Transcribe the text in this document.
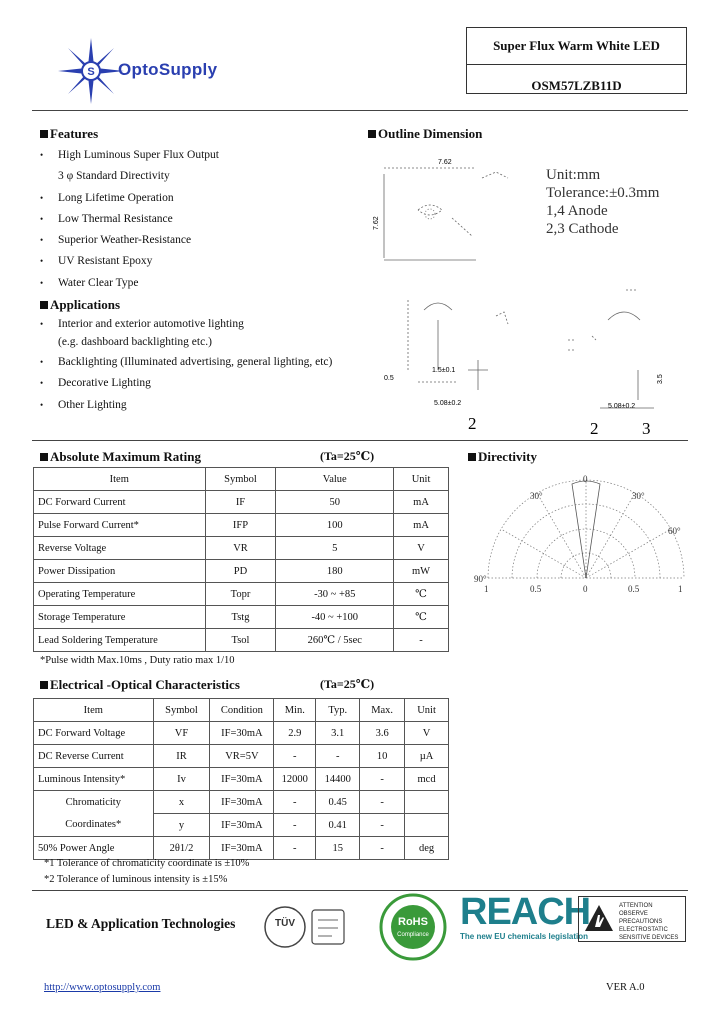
S OptoSupply
Super Flux Warm White LED
OSM57LZB11D
Features
• High Luminous Super Flux Output
3 φ Standard Directivity
• Long Lifetime Operation
• Low Thermal Resistance
• Superior Weather-Resistance
• UV Resistant Epoxy
• Water Clear Type
Applications
• Interior and exterior automotive lighting
(e.g. dashboard backlighting etc.)
• Backlighting (Illuminated advertising, general lighting, etc)
• Decorative Lighting
• Other Lighting
Outline Dimension
7.62
7.62
0.5
1.5±0.1
5.08±0.2	5.08±0.2
3.5
2	2	3
Unit:mm
Tolerance:±0.3mm
1,4 Anode
2,3 Cathode
Absolute Maximum Rating	(Ta=25℃)
Item	Symbol	Value	Unit
DC Forward Current	IF	50	mA
Pulse Forward Current*	IFP	100	mA
Reverse Voltage	VR	5	V
Power Dissipation	PD	180	mW
Operating Temperature	Topr	-30 ~ +85	℃
Storage Temperature	Tstg	-40 ~ +100	℃
Lead Soldering Temperature	Tsol	260℃ / 5sec	-
*Pulse width Max.10ms , Duty ratio max 1/10
Directivity
0
30°	30°
60°
90°
1	0.5	0	0.5	1
Electrical -Optical Characteristics	(Ta=25℃)
Item	Symbol	Condition	Min.	Typ.	Max.	Unit
DC Forward Voltage	VF	IF=30mA	2.9	3.1	3.6	V
DC Reverse Current	IR	VR=5V	-	-	10	µA
Luminous Intensity*	Iv	IF=30mA	12000	14400	-	mcd
Chromaticity	x	IF=30mA	-	0.45	-	
Coordinates*	y	IF=30mA	-	0.41	-	
50% Power Angle	2θ1/2	IF=30mA	-	15	-	deg
*1 Tolerance of chromaticity coordinate is ±10%
*2 Tolerance of luminous intensity is ±15%
LED & Application Technologies	TÜV	RoHS
Compliance
REACH
The new EU chemicals legislation
ATTENTION
OBSERVE PRECAUTIONS
ELECTROSTATIC
SENSITIVE DEVICES
http://www.optosupply.com	VER A.0
